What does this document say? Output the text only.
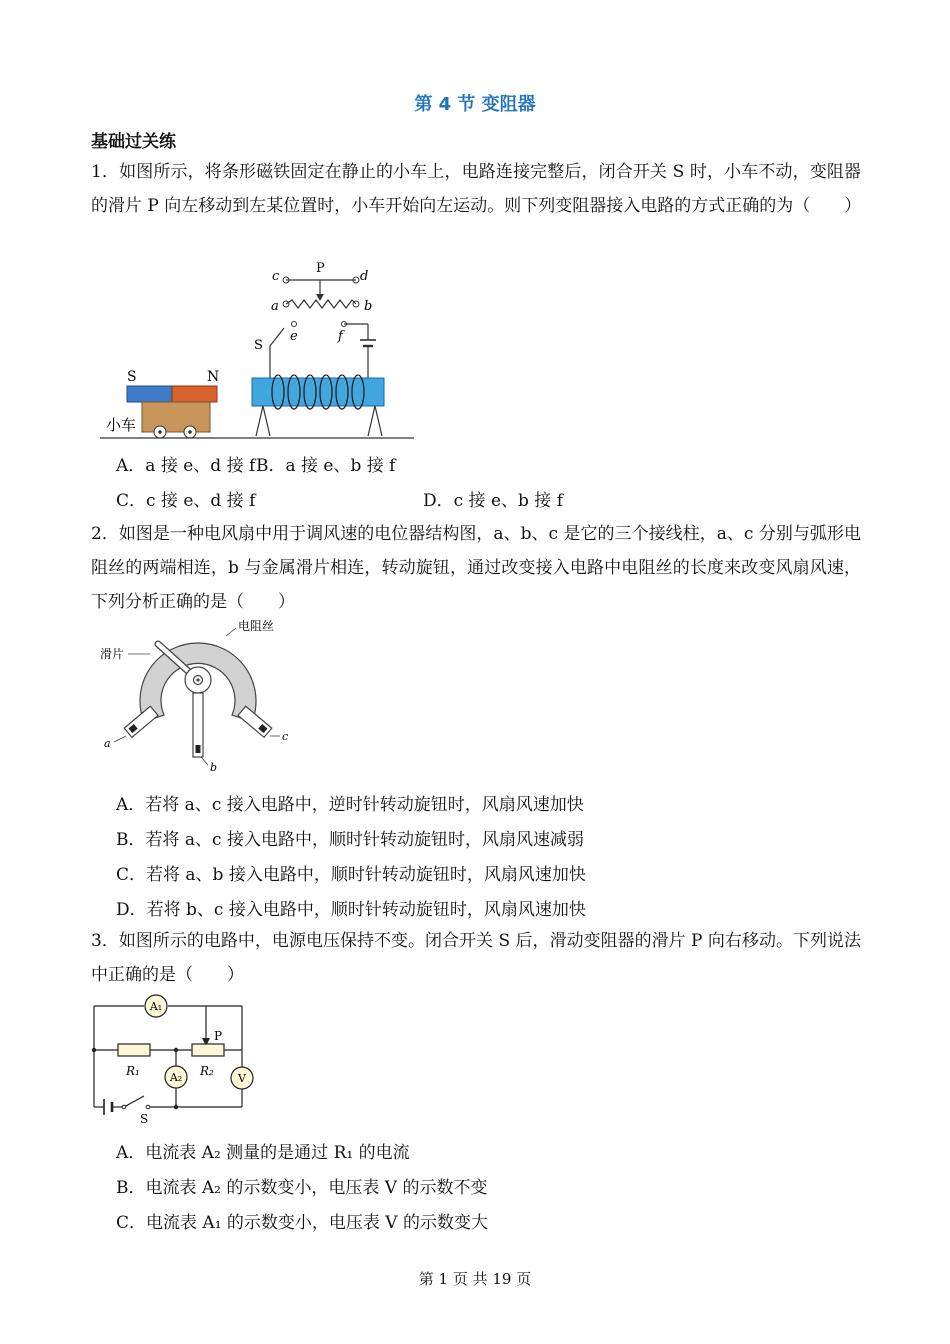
第 4 节 变阻器
基础过关练

1．如图所示，将条形磁铁固定在静止的小车上，电路连接完整后，闭合开关 S 时，小车不动，变阻器的滑片 P 向左移动到左某位置时，小车开始向左运动。则下列变阻器接入电路的方式正确的为（　　）

c
P
d
a	b
S
e	f
S	N
小车
A．a 接 e、d 接 f B．a 接 e、b 接 f
C．c 接 e、d 接 f	D．c 接 e、b 接 f

2．如图是一种电风扇中用于调风速的电位器结构图，a、b、c 是它的三个接线柱，a、c 分别与弧形电阻丝的两端相连，b 与金属滑片相连，转动旋钮，通过改变接入电路中电阻丝的长度来改变风扇风速，下列分析正确的是（　　）

电阻丝
滑片
b
a
c
A．若将 a、c 接入电路中，逆时针转动旋钮时，风扇风速加快
B．若将 a、c 接入电路中，顺时针转动旋钮时，风扇风速减弱
C．若将 a、b 接入电路中，顺时针转动旋钮时，风扇风速加快
D．若将 b、c 接入电路中，顺时针转动旋钮时，风扇风速加快

3．如图所示的电路中，电源电压保持不变。闭合开关 S 后，滑动变阻器的滑片 P 向右移动。下列说法中正确的是（　　）

S
R₁	R₂
P
A₁
A₂	V
A．电流表 A₂ 测量的是通过 R₁ 的电流
B．电流表 A₂ 的示数变小，电压表 V 的示数不变
C．电流表 A₁ 的示数变小，电压表 V 的示数变大
第 1 页 共 19 页
